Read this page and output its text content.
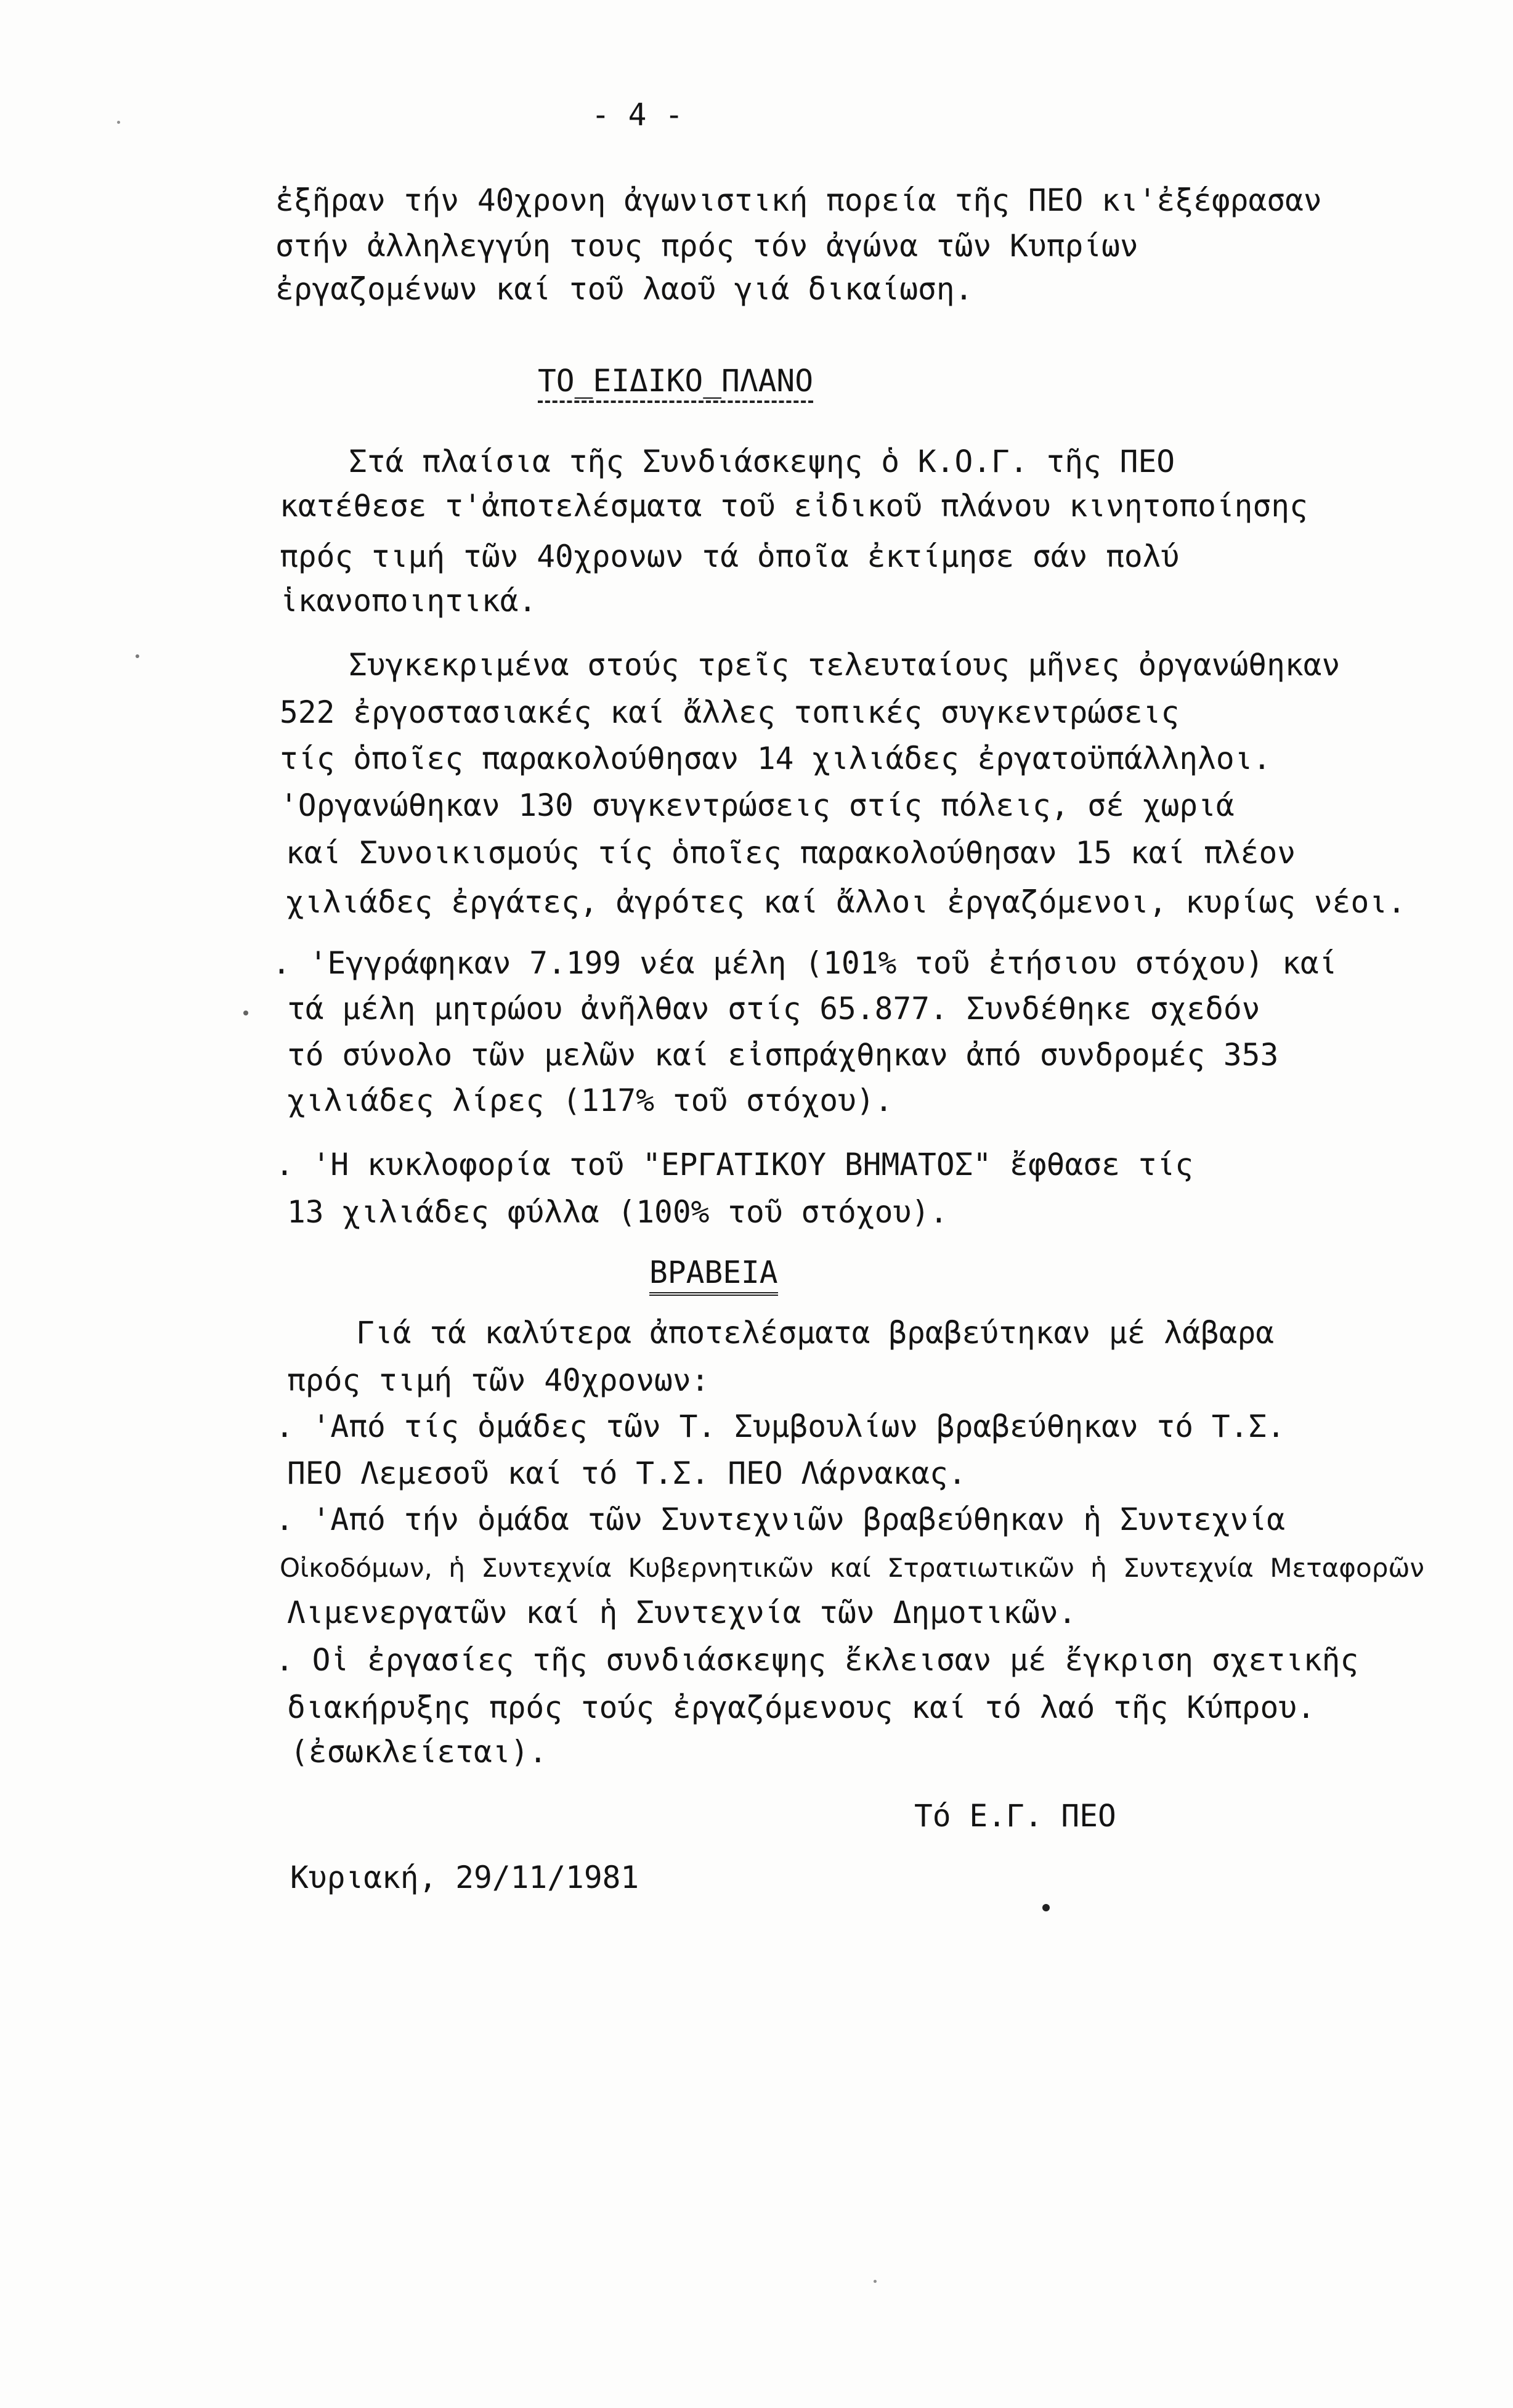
- 4 -
ἐξῆραν τήν 40χρονη ἀγωνιστική πορεία τῆς ΠΕΟ κι'ἐξέφρασαν
στήν ἀλληλεγγύη τους πρός τόν ἀγώνα τῶν Κυπρίων
ἐργαζομένων καί τοῦ λαοῦ γιά δικαίωση.
ΤΟ_ΕΙΔΙΚΟ_ΠΛΑΝΟ
Στά πλαίσια τῆς Συνδιάσκεψης ὁ Κ.Ο.Γ. τῆς ΠΕΟ
κατέθεσε τ'ἀποτελέσματα τοῦ εἰδικοῦ πλάνου κινητοποίησης
πρός τιμή τῶν 40χρονων τά ὁποῖα ἐκτίμησε σάν πολύ
ἱκανοποιητικά.
Συγκεκριμένα στούς τρεῖς τελευταίους μῆνες ὀργανώθηκαν
522 ἐργοστασιακές καί ἄλλες τοπικές συγκεντρώσεις
τίς ὁποῖες παρακολούθησαν 14 χιλιάδες ἐργατοϋπάλληλοι.
'Οργανώθηκαν 130 συγκεντρώσεις στίς πόλεις, σέ χωριά
καί Συνοικισμούς τίς ὁποῖες παρακολούθησαν 15 καί πλέον
χιλιάδες ἐργάτες, ἀγρότες καί ἄλλοι ἐργαζόμενοι, κυρίως νέοι.
. 'Εγγράφηκαν 7.199 νέα μέλη (101% τοῦ ἐτήσιου στόχου) καί
τά μέλη μητρώου ἀνῆλθαν στίς 65.877. Συνδέθηκε σχεδόν
τό σύνολο τῶν μελῶν καί εἰσπράχθηκαν ἀπό συνδρομές 353
χιλιάδες λίρες (117% τοῦ στόχου).
. 'Η κυκλοφορία τοῦ "ΕΡΓΑΤΙΚΟΥ ΒΗΜΑΤΟΣ" ἔφθασε τίς
13 χιλιάδες φύλλα (100% τοῦ στόχου).
ΒΡΑΒΕΙΑ
Γιά τά καλύτερα ἀποτελέσματα βραβεύτηκαν μέ λάβαρα
πρός τιμή τῶν 40χρονων:
. 'Από τίς ὁμάδες τῶν Τ. Συμβουλίων βραβεύθηκαν τό Τ.Σ.
ΠΕΟ Λεμεσοῦ καί τό Τ.Σ. ΠΕΟ Λάρνακας.
. 'Από τήν ὁμάδα τῶν Συντεχνιῶν βραβεύθηκαν ἡ Συντεχνία
Οἰκοδόμων, ἡ Συντεχνία Κυβερνητικῶν καί Στρατιωτικῶν ἡ Συντεχνία Μεταφορῶν
Λιμενεργατῶν καί ἡ Συντεχνία τῶν Δημοτικῶν.
. Οἱ ἐργασίες τῆς συνδιάσκεψης ἔκλεισαν μέ ἔγκριση σχετικῆς
διακήρυξης πρός τούς ἐργαζόμενους καί τό λαό τῆς Κύπρου.
(ἐσωκλείεται).
Τό Ε.Γ. ΠΕΟ
Κυριακή, 29/11/1981
